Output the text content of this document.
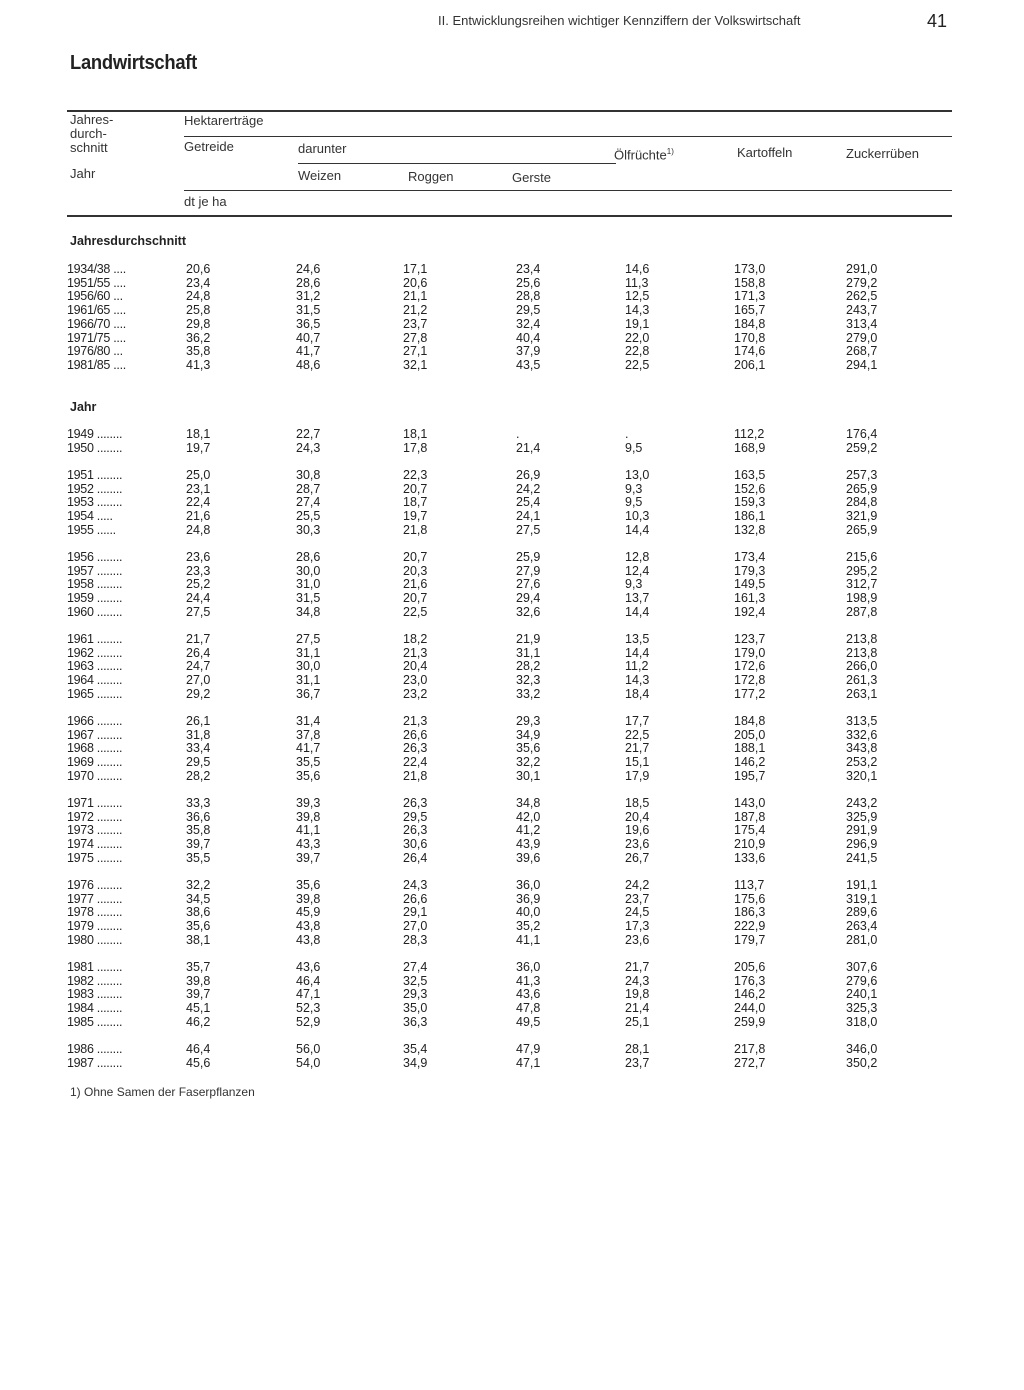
II. Entwicklungsreihen wichtiger Kennziffern der Volkswirtschaft	41
Landwirtschaft
Jahres-
durch-
schnitt
Jahr
Hektarerträge
Getreide	darunter
Weizen	Roggen	Gerste
Ölfrüchte$^{1)}$	Kartoffeln	Zuckerrüben
dt je ha
Jahresdurchschnitt
Jahr
1934/38 ....	20,6	24,6	17,1	23,4	14,6	173,0	291,0
1951/55 ....	23,4	28,6	20,6	25,6	11,3	158,8	279,2
1956/60 ...	24,8	31,2	21,1	28,8	12,5	171,3	262,5
1961/65 ....	25,8	31,5	21,2	29,5	14,3	165,7	243,7
1966/70 ....	29,8	36,5	23,7	32,4	19,1	184,8	313,4
1971/75 ....	36,2	40,7	27,8	40,4	22,0	170,8	279,0
1976/80 ...	35,8	41,7	27,1	37,9	22,8	174,6	268,7
1981/85 ....	41,3	48,6	32,1	43,5	22,5	206,1	294,1
1949 ........	18,1	22,7	18,1	.	.	112,2	176,4
1950 ........	19,7	24,3	17,8	21,4	9,5	168,9	259,2
1951 ........	25,0	30,8	22,3	26,9	13,0	163,5	257,3
1952 ........	23,1	28,7	20,7	24,2	9,3	152,6	265,9
1953 ........	22,4	27,4	18,7	25,4	9,5	159,3	284,8
1954 .....	21,6	25,5	19,7	24,1	10,3	186,1	321,9
1955 ......	24,8	30,3	21,8	27,5	14,4	132,8	265,9
1956 ........	23,6	28,6	20,7	25,9	12,8	173,4	215,6
1957 ........	23,3	30,0	20,3	27,9	12,4	179,3	295,2
1958 ........	25,2	31,0	21,6	27,6	9,3	149,5	312,7
1959 ........	24,4	31,5	20,7	29,4	13,7	161,3	198,9
1960 ........	27,5	34,8	22,5	32,6	14,4	192,4	287,8
1961 ........	21,7	27,5	18,2	21,9	13,5	123,7	213,8
1962 ........	26,4	31,1	21,3	31,1	14,4	179,0	213,8
1963 ........	24,7	30,0	20,4	28,2	11,2	172,6	266,0
1964 ........	27,0	31,1	23,0	32,3	14,3	172,8	261,3
1965 ........	29,2	36,7	23,2	33,2	18,4	177,2	263,1
1966 ........	26,1	31,4	21,3	29,3	17,7	184,8	313,5
1967 ........	31,8	37,8	26,6	34,9	22,5	205,0	332,6
1968 ........	33,4	41,7	26,3	35,6	21,7	188,1	343,8
1969 ........	29,5	35,5	22,4	32,2	15,1	146,2	253,2
1970 ........	28,2	35,6	21,8	30,1	17,9	195,7	320,1
1971 ........	33,3	39,3	26,3	34,8	18,5	143,0	243,2
1972 ........	36,6	39,8	29,5	42,0	20,4	187,8	325,9
1973 ........	35,8	41,1	26,3	41,2	19,6	175,4	291,9
1974 ........	39,7	43,3	30,6	43,9	23,6	210,9	296,9
1975 ........	35,5	39,7	26,4	39,6	26,7	133,6	241,5
1976 ........	32,2	35,6	24,3	36,0	24,2	113,7	191,1
1977 ........	34,5	39,8	26,6	36,9	23,7	175,6	319,1
1978 ........	38,6	45,9	29,1	40,0	24,5	186,3	289,6
1979 ........	35,6	43,8	27,0	35,2	17,3	222,9	263,4
1980 ........	38,1	43,8	28,3	41,1	23,6	179,7	281,0
1981 ........	35,7	43,6	27,4	36,0	21,7	205,6	307,6
1982 ........	39,8	46,4	32,5	41,3	24,3	176,3	279,6
1983 ........	39,7	47,1	29,3	43,6	19,8	146,2	240,1
1984 ........	45,1	52,3	35,0	47,8	21,4	244,0	325,3
1985 ........	46,2	52,9	36,3	49,5	25,1	259,9	318,0
1986 ........	46,4	56,0	35,4	47,9	28,1	217,8	346,0
1987 ........	45,6	54,0	34,9	47,1	23,7	272,7	350,2
1) Ohne Samen der Faserpflanzen
